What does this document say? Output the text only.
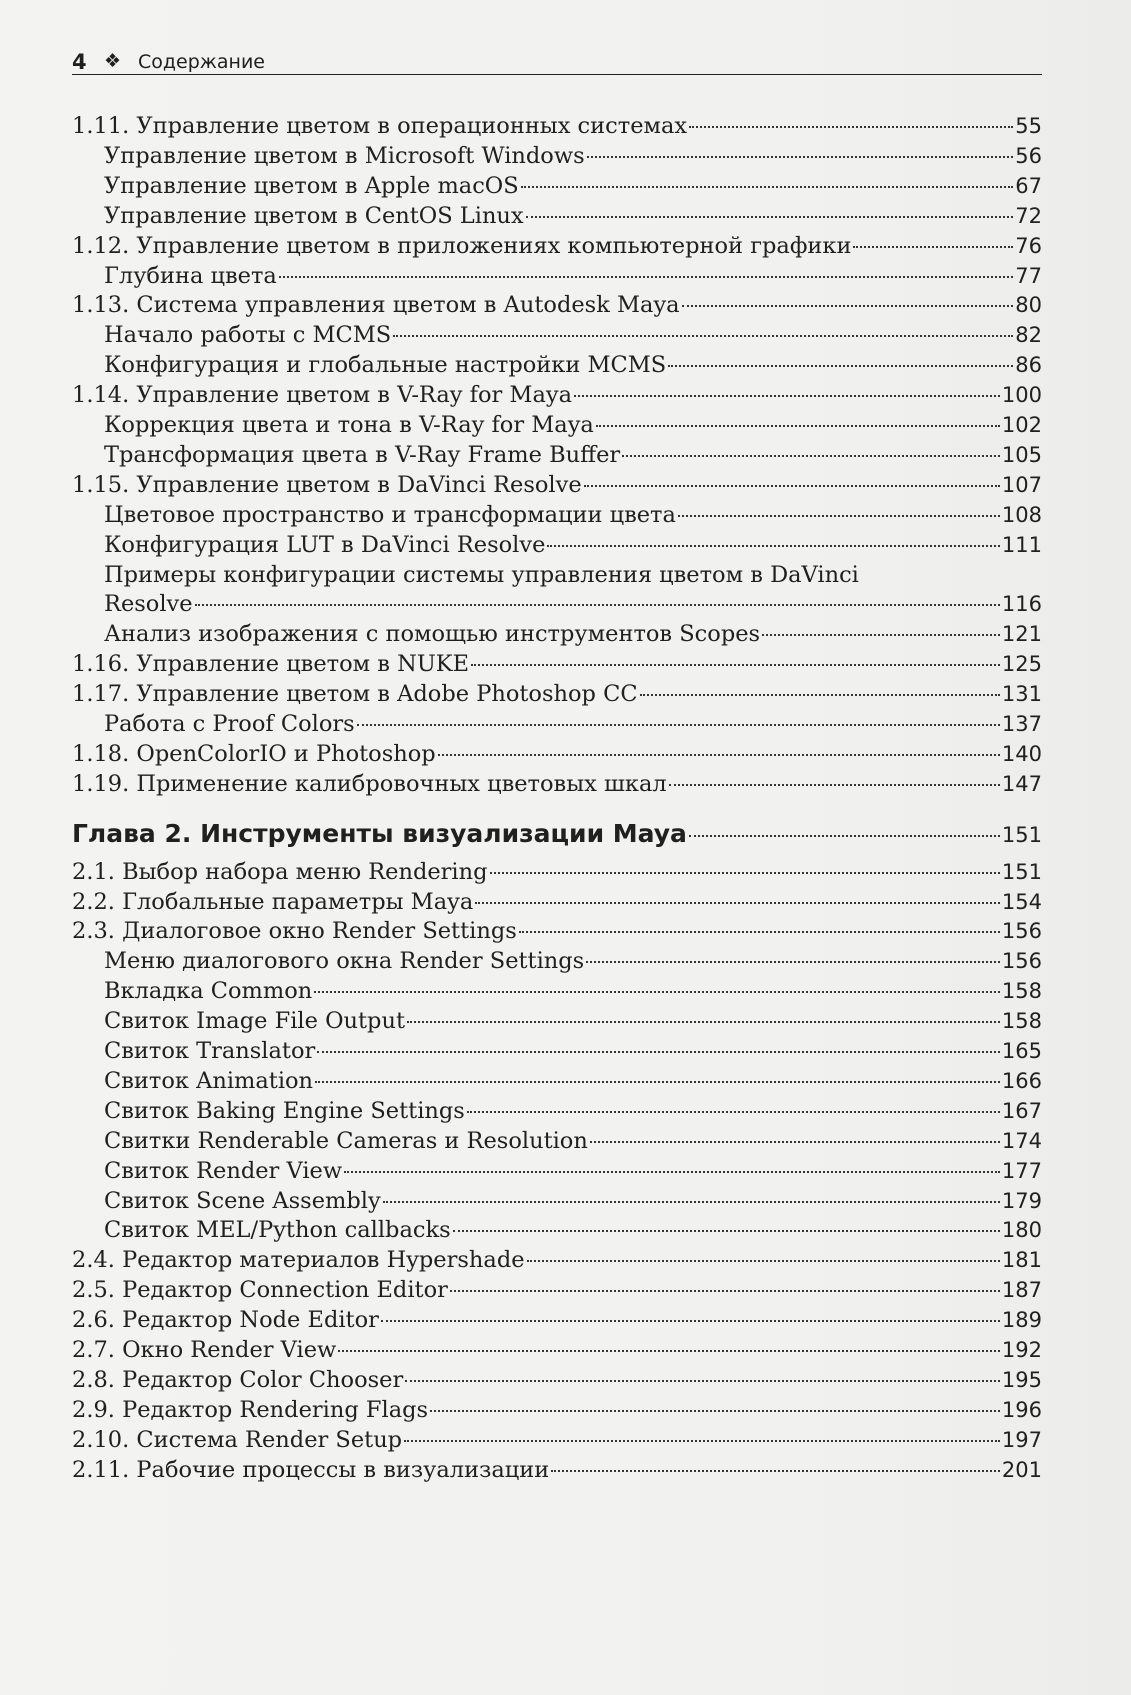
4 ❖ Содержание
1.11. Управление цветом в операционных системах	55
Управление цветом в Microsoft Windows	56
Управление цветом в Apple macOS	67
Управление цветом в CentOS Linux	72
1.12. Управление цветом в приложениях компьютерной графики	76
Глубина цвета	77
1.13. Система управления цветом в Autodesk Maya	80
Начало работы с MCMS	82
Конфигурация и глобальные настройки MCMS	86
1.14. Управление цветом в V-Ray for Maya	100
Коррекция цвета и тона в V-Ray for Maya	102
Трансформация цвета в V-Ray Frame Buffer	105
1.15. Управление цветом в DaVinci Resolve	107
Цветовое пространство и трансформации цвета	108
Конфигурация LUT в DaVinci Resolve	111
Примеры конфигурации системы управления цветом в DaVinci
Resolve	116
Анализ изображения с помощью инструментов Scopes	121
1.16. Управление цветом в NUKE	125
1.17. Управление цветом в Adobe Photoshop CC	131
Работа с Proof Colors	137
1.18. OpenColorIO и Photoshop	140
1.19. Применение калибровочных цветовых шкал	147
Глава 2. Инструменты визуализации Maya	151
2.1. Выбор набора меню Rendering	151
2.2. Глобальные параметры Maya	154
2.3. Диалоговое окно Render Settings	156
Меню диалогового окна Render Settings	156
Вкладка Common	158
Свиток Image File Output	158
Свиток Translator	165
Свиток Animation	166
Свиток Baking Engine Settings	167
Свитки Renderable Cameras и Resolution	174
Свиток Render View	177
Свиток Scene Assembly	179
Свиток MEL/Python callbacks	180
2.4. Редактор материалов Hypershade	181
2.5. Редактор Connection Editor	187
2.6. Редактор Node Editor	189
2.7. Окно Render View	192
2.8. Редактор Color Chooser	195
2.9. Редактор Rendering Flags	196
2.10. Система Render Setup	197
2.11. Рабочие процессы в визуализации	201
